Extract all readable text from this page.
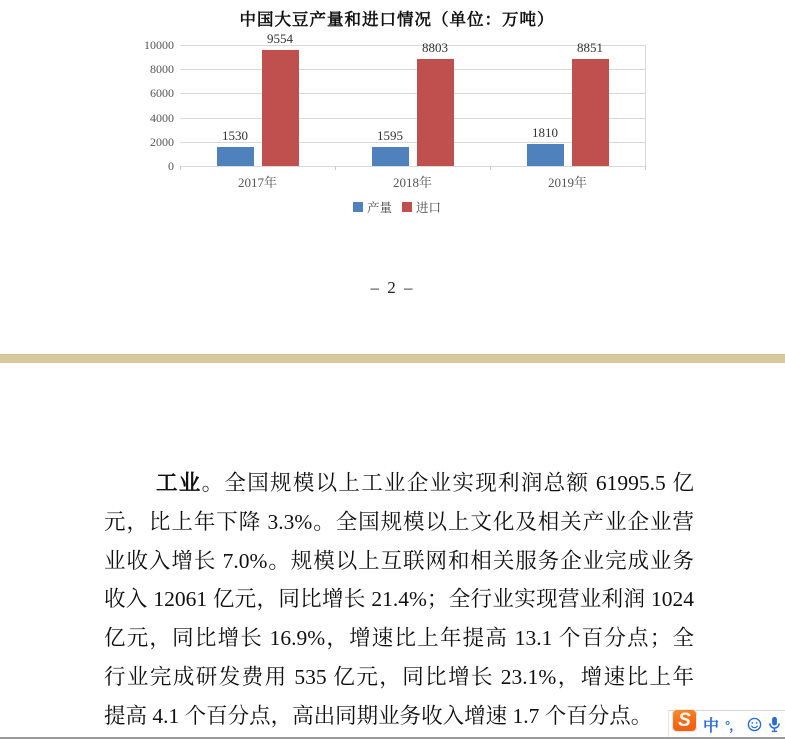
中国大豆产量和进口情况（单位：万吨）
0
2000
4000
6000
8000
10000
1530
9554
2017年
1595
8803
2018年
1810
8851
2019年
产量 进口
– 2 –
工业。全国规模以上工业企业实现利润总额 61995.5 亿
元，比上年下降 3.3%。全国规模以上文化及相关产业企业营
业收入增长 7.0%。规模以上互联网和相关服务企业完成业务
收入 12061 亿元，同比增长 21.4%；全行业实现营业利润 1024
亿元，同比增长 16.9%，增速比上年提高 13.1 个百分点；全
行业完成研发费用 535 亿元，同比增长 23.1%，增速比上年
提高 4.1 个百分点，高出同期业务收入增速 1.7 个百分点。	S 中 °，
